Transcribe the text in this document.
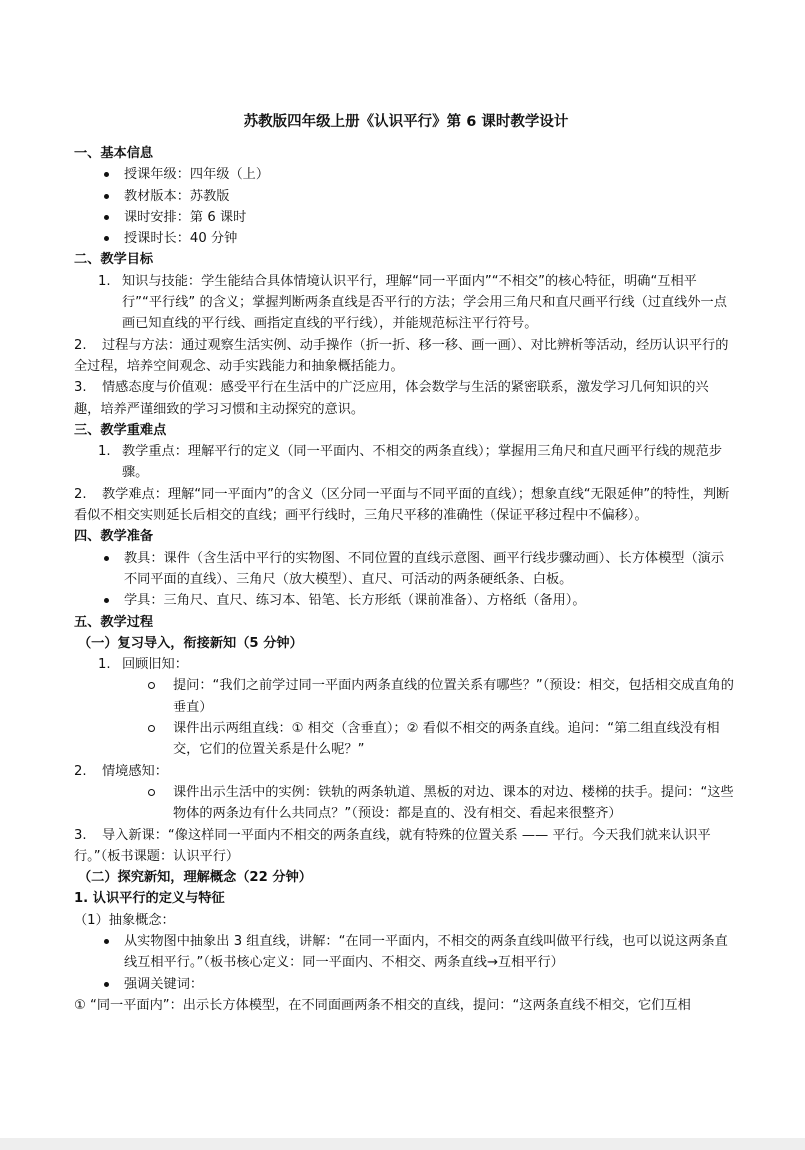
苏教版四年级上册《认识平行》第 6 课时教学设计
一、基本信息
授课年级：四年级（上）
教材版本：苏教版
课时安排：第 6 课时
授课时长：40 分钟
二、教学目标
1. 知识与技能：学生能结合具体情境认识平行，理解“同一平面内”“不相交”的核心特征，明确“互相平行”“平行线” 的含义；掌握判断两条直线是否平行的方法；学会用三角尺和直尺画平行线（过直线外一点画已知直线的平行线、画指定直线的平行线），并能规范标注平行符号。
2. 过程与方法：通过观察生活实例、动手操作（折一折、移一移、画一画）、对比辨析等活动，经历认识平行的全过程，培养空间观念、动手实践能力和抽象概括能力。
3. 情感态度与价值观：感受平行在生活中的广泛应用，体会数学与生活的紧密联系，激发学习几何知识的兴趣，培养严谨细致的学习习惯和主动探究的意识。
三、教学重难点
1. 教学重点：理解平行的定义（同一平面内、不相交的两条直线）；掌握用三角尺和直尺画平行线的规范步骤。
2. 教学难点：理解“同一平面内”的含义（区分同一平面与不同平面的直线）；想象直线“无限延伸”的特性，判断看似不相交实则延长后相交的直线；画平行线时，三角尺平移的准确性（保证平移过程中不偏移）。
四、教学准备
教具：课件（含生活中平行的实物图、不同位置的直线示意图、画平行线步骤动画）、长方体模型（演示不同平面的直线）、三角尺（放大模型）、直尺、可活动的两条硬纸条、白板。
学具：三角尺、直尺、练习本、铅笔、长方形纸（课前准备）、方格纸（备用）。
五、教学过程
（一）复习导入，衔接新知（5 分钟）
1. 回顾旧知：
提问：“我们之前学过同一平面内两条直线的位置关系有哪些？”（预设：相交，包括相交成直角的垂直）
课件出示两组直线：① 相交（含垂直）；② 看似不相交的两条直线。追问：“第二组直线没有相交，它们的位置关系是什么呢？”
2. 情境感知：
课件出示生活中的实例：铁轨的两条轨道、黑板的对边、课本的对边、楼梯的扶手。提问：“这些物体的两条边有什么共同点？”（预设：都是直的、没有相交、看起来很整齐）
3. 导入新课：“像这样同一平面内不相交的两条直线，就有特殊的位置关系 —— 平行。今天我们就来认识平行。”（板书课题：认识平行）
（二）探究新知，理解概念（22 分钟）
1. 认识平行的定义与特征
（1）抽象概念：
从实物图中抽象出 3 组直线，讲解：“在同一平面内，不相交的两条直线叫做平行线，也可以说这两条直线互相平行。”（板书核心定义：同一平面内、不相交、两条直线→互相平行）
强调关键词：
① “同一平面内”：出示长方体模型，在不同面画两条不相交的直线，提问：“这两条直线不相交，它们互相
